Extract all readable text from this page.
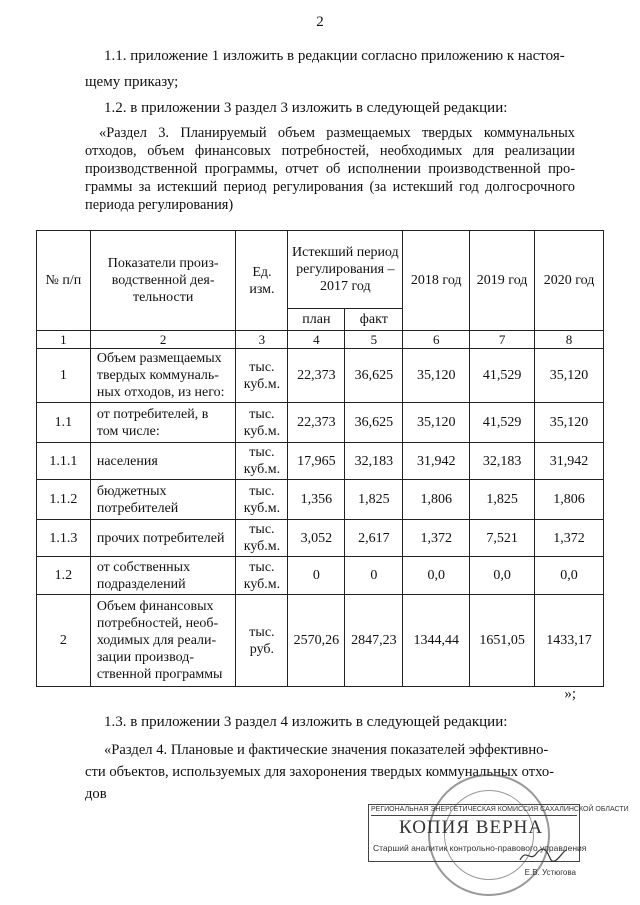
2
1.1. приложение 1 изложить в редакции согласно приложению к настоя-
щему приказу;
1.2. в приложении 3 раздел 3 изложить в следующей редакции:
«Раздел 3. Планируемый объем размещаемых твердых коммунальных
отходов, объем финансовых потребностей, необходимых для реализации
производственной программы, отчет об исполнении производственной про-
граммы за истекший период регулирования (за истекший год долгосрочного
периода регулирования)
№ п/п	Показатели произ-водственной дея-тельности	Ед. изм.	Истекший период регулирования – 2017 год		2018 год	2019 год	2020 год
			план	факт			
1	2	3	4	5	6	7	8
1	Объем размещаемых твердых коммуналь-ных отходов, из него:	тыс. куб.м.	22,373	36,625	35,120	41,529	35,120
1.1	от потребителей, в том числе:	тыс. куб.м.	22,373	36,625	35,120	41,529	35,120
1.1.1	населения	тыс. куб.м.	17,965	32,183	31,942	32,183	31,942
1.1.2	бюджетных потребителей	тыс. куб.м.	1,356	1,825	1,806	1,825	1,806
1.1.3	прочих потребителей	тыс. куб.м.	3,052	2,617	1,372	7,521	1,372
1.2	от собственных подразделений	тыс. куб.м.	0	0	0,0	0,0	0,0
2	Объем финансовых потребностей, необ-ходимых для реали-зации производ-ственной программы	тыс. руб.	2570,26	2847,23	1344,44	1651,05	1433,17
»;
1.3. в приложении 3 раздел 4 изложить в следующей редакции:
«Раздел 4. Плановые и фактические значения показателей эффективно-
сти объектов, используемых для захоронения твердых коммунальных отхо-
дов
РЕГИОНАЛЬНАЯ ЭНЕРГЕТИЧЕСКАЯ КОМИССИЯ САХАЛИНСКОЙ ОБЛАСТИ
КОПИЯ ВЕРНА
Старший аналитик контрольно-правового управления
Е.В. Устюгова
